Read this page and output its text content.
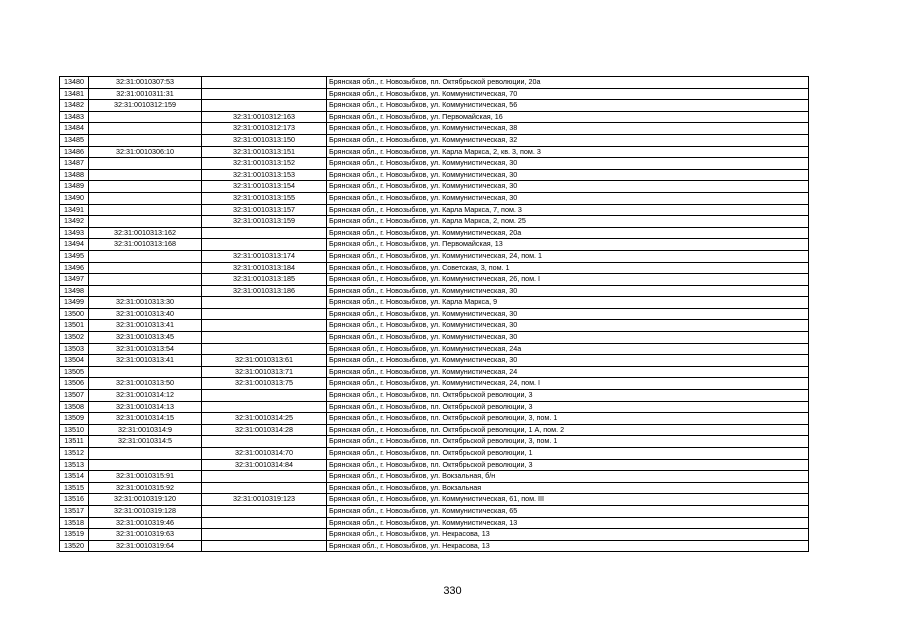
13480	32:31:0010307:53		Брянская обл., г. Новозыбков, пл. Октябрьской революции, 20а
13481	32:31:0010311:31		Брянская обл., г. Новозыбков, ул. Коммунистическая, 70
13482	32:31:0010312:159		Брянская обл., г. Новозыбков, ул. Коммунистическая, 56
13483		32:31:0010312:163	Брянская обл., г. Новозыбков, ул. Первомайская, 16
13484		32:31:0010312:173	Брянская обл., г. Новозыбков, ул. Коммунистическая, 38
13485		32:31:0010313:150	Брянская обл., г. Новозыбков, ул. Коммунистическая, 32
13486	32:31:0010306:10	32:31:0010313:151	Брянская обл., г. Новозыбков, ул. Карла Маркса, 2, кв. 3, пом. 3
13487		32:31:0010313:152	Брянская обл., г. Новозыбков, ул. Коммунистическая, 30
13488		32:31:0010313:153	Брянская обл., г. Новозыбков, ул. Коммунистическая, 30
13489		32:31:0010313:154	Брянская обл., г. Новозыбков, ул. Коммунистическая, 30
13490		32:31:0010313:155	Брянская обл., г. Новозыбков, ул. Коммунистическая, 30
13491		32:31:0010313:157	Брянская обл., г. Новозыбков, ул. Карла Маркса, 7, пом. 3
13492		32:31:0010313:159	Брянская обл., г. Новозыбков, ул. Карла Маркса, 2, пом. 25
13493	32:31:0010313:162		Брянская обл., г. Новозыбков, ул. Коммунистическая, 20а
13494	32:31:0010313:168		Брянская обл., г. Новозыбков, ул. Первомайская, 13
13495		32:31:0010313:174	Брянская обл., г. Новозыбков, ул. Коммунистическая, 24, пом. 1
13496		32:31:0010313:184	Брянская обл., г. Новозыбков, ул. Советская, 3, пом. 1
13497		32:31:0010313:185	Брянская обл., г. Новозыбков, ул. Коммунистическая, 26, пом. I
13498		32:31:0010313:186	Брянская обл., г. Новозыбков, ул. Коммунистическая, 30
13499	32:31:0010313:30		Брянская обл., г. Новозыбков, ул. Карла Маркса, 9
13500	32:31:0010313:40		Брянская обл., г. Новозыбков, ул. Коммунистическая, 30
13501	32:31:0010313:41		Брянская обл., г. Новозыбков, ул. Коммунистическая, 30
13502	32:31:0010313:45		Брянская обл., г. Новозыбков, ул. Коммунистическая, 30
13503	32:31:0010313:54		Брянская обл., г. Новозыбков, ул. Коммунистическая, 24а
13504	32:31:0010313:41	32:31:0010313:61	Брянская обл., г. Новозыбков, ул. Коммунистическая, 30
13505		32:31:0010313:71	Брянская обл., г. Новозыбков, ул. Коммунистическая, 24
13506	32:31:0010313:50	32:31:0010313:75	Брянская обл., г. Новозыбков, ул. Коммунистическая, 24, пом. I
13507	32:31:0010314:12		Брянская обл., г. Новозыбков, пл. Октябрьской революции, 3
13508	32:31:0010314:13		Брянская обл., г. Новозыбков, пл. Октябрьской революции, 3
13509	32:31:0010314:15	32:31:0010314:25	Брянская обл., г. Новозыбков, пл. Октябрьской революции, 3, пом. 1
13510	32:31:0010314:9	32:31:0010314:28	Брянская обл., г. Новозыбков, пл. Октябрьской революции, 1 А, пом. 2
13511	32:31:0010314:5		Брянская обл., г. Новозыбков, пл. Октябрьской революции, 3, пом. 1
13512		32:31:0010314:70	Брянская обл., г. Новозыбков, пл. Октябрьской революции, 1
13513		32:31:0010314:84	Брянская обл., г. Новозыбков, пл. Октябрьской революции, 3
13514	32:31:0010315:91		Брянская обл., г. Новозыбков, ул. Вокзальная, б/н
13515	32:31:0010315:92		Брянская обл., г. Новозыбков, ул. Вокзальная
13516	32:31:0010319:120	32:31:0010319:123	Брянская обл., г. Новозыбков, ул. Коммунистическая, 61, пом. III
13517	32:31:0010319:128		Брянская обл., г. Новозыбков, ул. Коммунистическая, 65
13518	32:31:0010319:46		Брянская обл., г. Новозыбков, ул. Коммунистическая, 13
13519	32:31:0010319:63		Брянская обл., г. Новозыбков, ул. Некрасова, 13
13520	32:31:0010319:64		Брянская обл., г. Новозыбков, ул. Некрасова, 13
330
